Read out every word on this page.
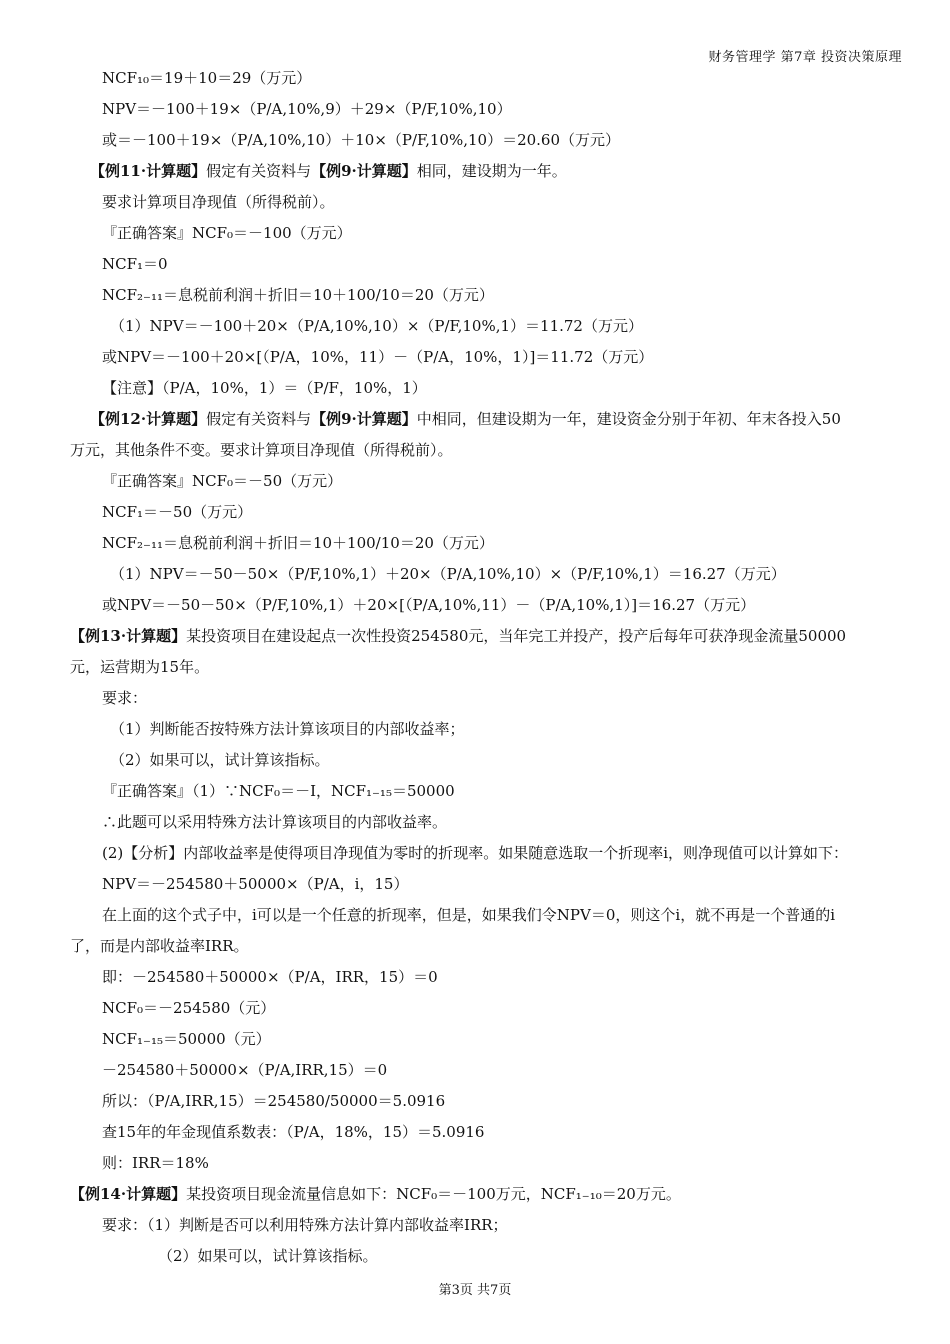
财务管理学 第7章 投资决策原理
NCF₁₀＝19＋10＝29（万元）
NPV＝－100＋19×（P/A,10%,9）＋29×（P/F,10%,10）
或＝－100＋19×（P/A,10%,10）＋10×（P/F,10%,10）＝20.60（万元）
【例11·计算题】假定有关资料与【例9·计算题】相同，建设期为一年。
要求计算项目净现值（所得税前）。
『正确答案』NCF₀＝－100（万元）
NCF₁＝0
NCF₂₋₁₁＝息税前利润＋折旧＝10＋100/10＝20（万元）
（1）NPV＝－100＋20×（P/A,10%,10）×（P/F,10%,1）＝11.72（万元）
或NPV＝－100＋20×[（P/A，10%，11）－（P/A，10%，1）]＝11.72（万元）
【注意】（P/A，10%，1）＝（P/F，10%，1）
【例12·计算题】假定有关资料与【例9·计算题】中相同，但建设期为一年，建设资金分别于年初、年末各投入50
万元，其他条件不变。要求计算项目净现值（所得税前）。
『正确答案』NCF₀＝－50（万元）
NCF₁＝－50（万元）
NCF₂₋₁₁＝息税前利润＋折旧＝10＋100/10＝20（万元）
（1）NPV＝－50－50×（P/F,10%,1）＋20×（P/A,10%,10）×（P/F,10%,1）＝16.27（万元）
或NPV＝－50－50×（P/F,10%,1）＋20×[（P/A,10%,11）－（P/A,10%,1）]＝16.27（万元）
【例13·计算题】某投资项目在建设起点一次性投资254580元，当年完工并投产，投产后每年可获净现金流量50000
元，运营期为15年。
要求：
（1）判断能否按特殊方法计算该项目的内部收益率；
（2）如果可以，试计算该指标。
『正确答案』（1）∵NCF₀＝－I，NCF₁₋₁₅＝50000
∴此题可以采用特殊方法计算该项目的内部收益率。
(2)【分析】内部收益率是使得项目净现值为零时的折现率。如果随意选取一个折现率i，则净现值可以计算如下：
NPV＝－254580＋50000×（P/A，i，15）
在上面的这个式子中，i可以是一个任意的折现率，但是，如果我们令NPV＝0，则这个i，就不再是一个普通的i
了，而是内部收益率IRR。
即：－254580＋50000×（P/A，IRR，15）＝0
NCF₀＝－254580（元）
NCF₁₋₁₅＝50000（元）
－254580＋50000×（P/A,IRR,15）＝0
所以：（P/A,IRR,15）＝254580/50000＝5.0916
查15年的年金现值系数表：（P/A，18%，15）＝5.0916
则：IRR＝18%
【例14·计算题】某投资项目现金流量信息如下：NCF₀＝－100万元，NCF₁₋₁₀＝20万元。
要求：（1）判断是否可以利用特殊方法计算内部收益率IRR；
（2）如果可以，试计算该指标。
第3页 共7页
